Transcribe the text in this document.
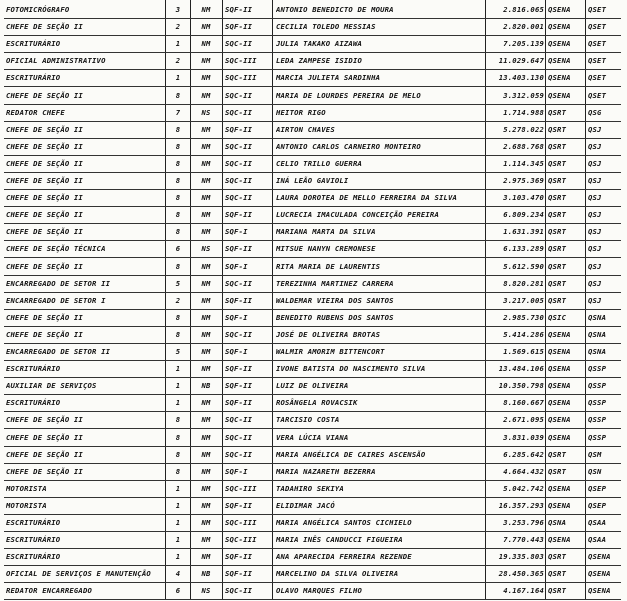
FOTOMICRÓGRAFO	3	NM	SQF-II	ANTONIO BENEDICTO DE MOURA	2.816.065 QSENA	QSET
CHEFE DE SEÇÃO II	2	NM	SQF-II	CECILIA TOLEDO MESSIAS	2.820.001 QSENA	QSET
ESCRITURÁRIO	1	NM	SQC-II	JULIA TAKAKO AIZAWA	7.205.139 QSENA	QSET
OFICIAL ADMINISTRATIVO	2	NM	SQC-III	LEDA ZAMPESE ISIDIO	11.029.647 QSENA	QSET
ESCRITURÁRIO	1	NM	SQC-III	MARCIA JULIETA SARDINHA	13.403.130 QSENA	QSET
CHEFE DE SEÇÃO II	8	NM	SQC-II	MARIA DE LOURDES PEREIRA DE MELO	3.312.059 QSENA	QSET
REDATOR CHEFE	7	NS	SQC-II	HEITOR RIGO	1.714.988 QSRT	QSG
CHEFE DE SEÇÃO II	8	NM	SQF-II	AIRTON CHAVES	5.278.022 QSRT	QSJ
CHEFE DE SEÇÃO II	8	NM	SQC-II	ANTONIO CARLOS CARNEIRO MONTEIRO	2.688.768 QSRT	QSJ
CHEFE DE SEÇÃO II	8	NM	SQC-II	CELIO TRILLO GUERRA	1.114.345 QSRT	QSJ
CHEFE DE SEÇÃO II	8	NM	SQC-II	INÁ LEÃO GAVIOLI	2.975.369 QSRT	QSJ
CHEFE DE SEÇÃO II	8	NM	SQC-II	LAURA DOROTEA DE MELLO FERREIRA DA SILVA	3.103.470 QSRT	QSJ
CHEFE DE SEÇÃO II	8	NM	SQF-II	LUCRECIA IMACULADA CONCEIÇÃO PEREIRA	6.809.234 QSRT	QSJ
CHEFE DE SEÇÃO II	8	NM	SQF-I	MARIANA MARTA DA SILVA	1.631.391 QSRT	QSJ
CHEFE DE SEÇÃO TÉCNICA	6	NS	SQF-II	MITSUE NANYN CREMONESE	6.133.289 QSRT	QSJ
CHEFE DE SEÇÃO II	8	NM	SQF-I	RITA MARIA DE LAURENTIS	5.612.590 QSRT	QSJ
ENCARREGADO DE SETOR II	5	NM	SQC-II	TEREZINHA MARTINEZ CARRERA	8.820.281 QSRT	QSJ
ENCARREGADO DE SETOR I	2	NM	SQF-II	WALDEMAR VIEIRA DOS SANTOS	3.217.005 QSRT	QSJ
CHEFE DE SEÇÃO II	8	NM	SQF-I	BENEDITO RUBENS DOS SANTOS	2.985.730 QSIC	QSNA
CHEFE DE SEÇÃO II	8	NM	SQC-II	JOSÉ DE OLIVEIRA BROTAS	5.414.286 QSENA	QSNA
ENCARREGADO DE SETOR II	5	NM	SQF-I	WALMIR AMORIM BITTENCORT	1.569.615 QSENA	QSNA
ESCRITURÁRIO	1	NM	SQF-II	IVONE BATISTA DO NASCIMENTO SILVA	13.484.106 QSENA	QSSP
AUXILIAR DE SERVIÇOS	1	NB	SQF-II	LUIZ DE OLIVEIRA	10.350.798 QSENA	QSSP
ESCRITURÁRIO	1	NM	SQF-II	ROSÂNGELA ROVACSIK	8.160.667 QSENA	QSSP
CHEFE DE SEÇÃO II	8	NM	SQC-II	TARCISIO COSTA	2.671.095 QSENA	QSSP
CHEFE DE SEÇÃO II	8	NM	SQC-II	VERA LÚCIA VIANA	3.831.039 QSENA	QSSP
CHEFE DE SEÇÃO II	8	NM	SQC-II	MARIA ANGÉLICA DE CAIRES ASCENSÃO	6.285.642 QSRT	QSM
CHEFE DE SEÇÃO II	8	NM	SQF-I	MARIA NAZARETH BEZERRA	4.664.432 QSRT	QSN
MOTORISTA	1	NM	SQC-III	TADAHIRO SEKIYA	5.042.742 QSENA	QSEP
MOTORISTA	1	NM	SQF-II	ELIDIMAR JACÓ	16.357.293 QSENA	QSEP
ESCRITURÁRIO	1	NM	SQC-III	MARIA ANGÉLICA SANTOS CICHIELO	3.253.796 QSNA	QSAA
ESCRITURÁRIO	1	NM	SQC-III	MARIA INÊS CANDUCCI FIGUEIRA	7.770.443 QSENA	QSAA
ESCRITURÁRIO	1	NM	SQF-II	ANA APARECIDA FERREIRA REZENDE	19.335.803 QSRT	QSENA
OFICIAL DE SERVIÇOS E MANUTENÇÃO	4	NB	SQF-II	MARCELINO DA SILVA OLIVEIRA	28.450.365 QSRT	QSENA
REDATOR ENCARREGADO	6	NS	SQC-II	OLAVO MARQUES FILHO	4.167.164 QSRT	QSENA
